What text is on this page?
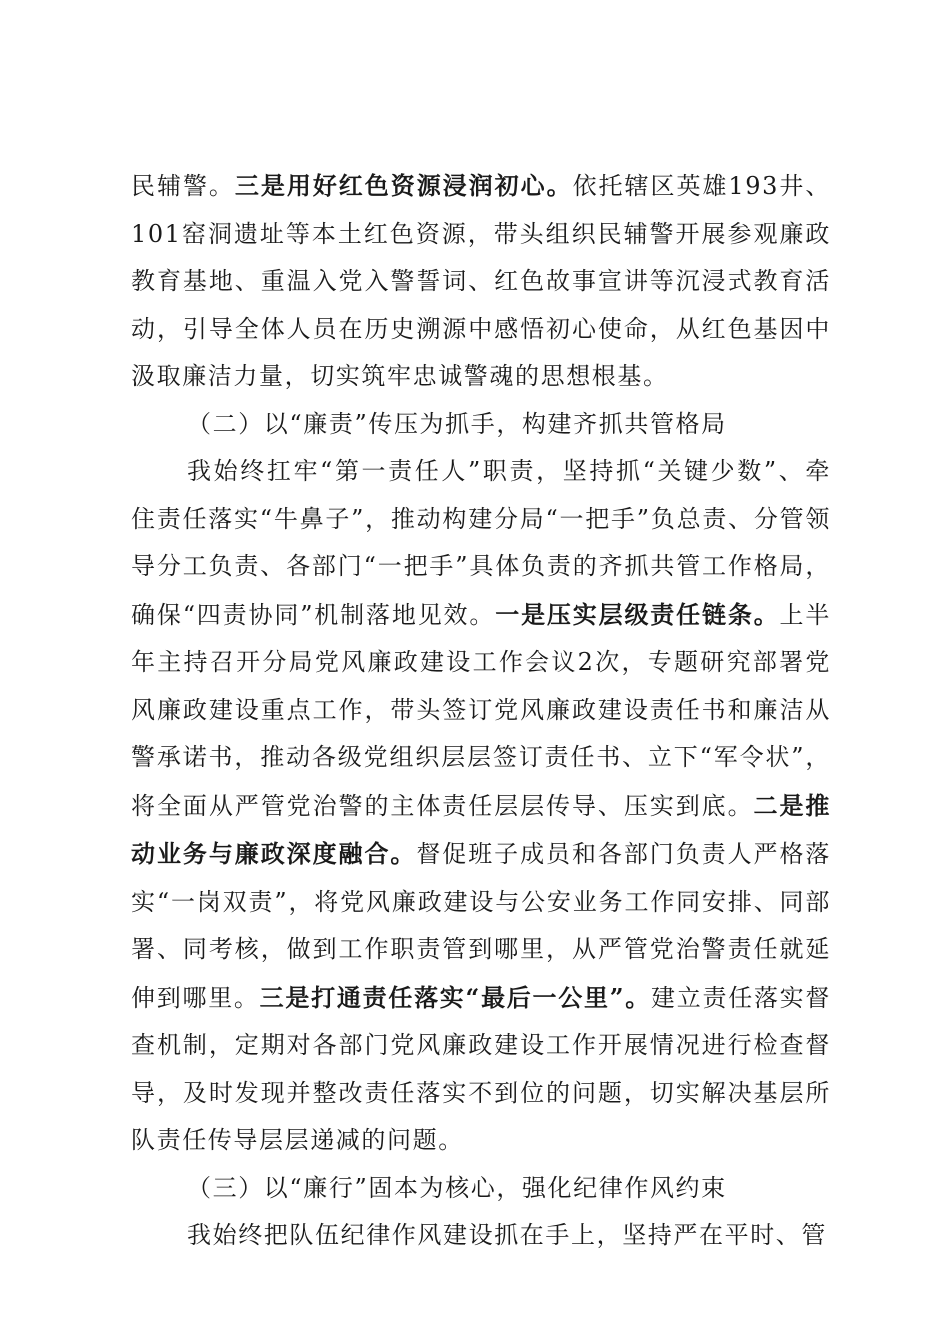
民辅警。三是用好红色资源浸润初心。依托辖区英雄193井、101窑洞遗址等本土红色资源，带头组织民辅警开展参观廉政教育基地、重温入党入警誓词、红色故事宣讲等沉浸式教育活动，引导全体人员在历史溯源中感悟初心使命，从红色基因中汲取廉洁力量，切实筑牢忠诚警魂的思想根基。

（二）以“廉责”传压为抓手，构建齐抓共管格局

我始终扛牢“第一责任人”职责，坚持抓“关键少数”、牵住责任落实“牛鼻子”，推动构建分局“一把手”负总责、分管领导分工负责、各部门“一把手”具体负责的齐抓共管工作格局，确保“四责协同”机制落地见效。一是压实层级责任链条。上半年主持召开分局党风廉政建设工作会议2次，专题研究部署党风廉政建设重点工作，带头签订党风廉政建设责任书和廉洁从警承诺书，推动各级党组织层层签订责任书、立下“军令状”，将全面从严管党治警的主体责任层层传导、压实到底。二是推动业务与廉政深度融合。督促班子成员和各部门负责人严格落实“一岗双责”，将党风廉政建设与公安业务工作同安排、同部署、同考核，做到工作职责管到哪里，从严管党治警责任就延伸到哪里。三是打通责任落实“最后一公里”。建立责任落实督查机制，定期对各部门党风廉政建设工作开展情况进行检查督导，及时发现并整改责任落实不到位的问题，切实解决基层所队责任传导层层递减的问题。

（三）以“廉行”固本为核心，强化纪律作风约束

我始终把队伍纪律作风建设抓在手上，坚持严在平时、管
